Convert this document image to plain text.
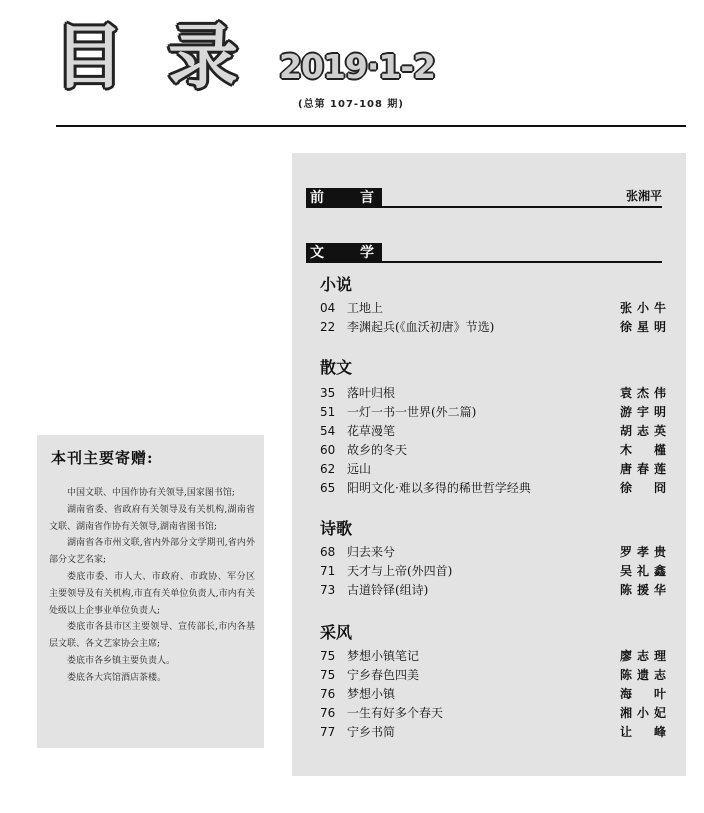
目 录 2019·1-2
(总第 107-108 期)
本刊主要寄赠:

中国文联、中国作协有关领导,国家图书馆;

湖南省委、省政府有关领导及有关机构,湖南省文联、湖南省作协有关领导,湖南省图书馆;

湖南省各市州文联,省内外部分文学期刊,省内外部分文艺名家;

娄底市委、市人大、市政府、市政协、军分区主要领导及有关机构,市直有关单位负责人,市内有关处级以上企事业单位负责人;

娄底市各县市区主要领导、宣传部长,市内各基层文联、各文艺家协会主席;

娄底市各乡镇主要负责人。

娄底各大宾馆酒店茶楼。

前	言	张湘平
文	学
小说
04 工地上	张小牛
22 李渊起兵(《血沃初唐》节选)	徐星明
散文
35 落叶归根	袁杰伟
51 一灯一书一世界(外二篇)	游宇明
54 花草漫笔	胡志英
60 故乡的冬天	木 槿
62 远山	唐春莲
65 阳明文化·难以多得的稀世哲学经典	徐 冏
诗歌
68 归去来兮	罗孝贵
71 天才与上帝(外四首)	吴礼鑫
73 古道铃铎(组诗)	陈援华
采风
75 梦想小镇笔记	廖志理
75 宁乡春色四美	陈遗志
76 梦想小镇	海 叶
76 一生有好多个春天	湘小妃
77 宁乡书简	让 峰
